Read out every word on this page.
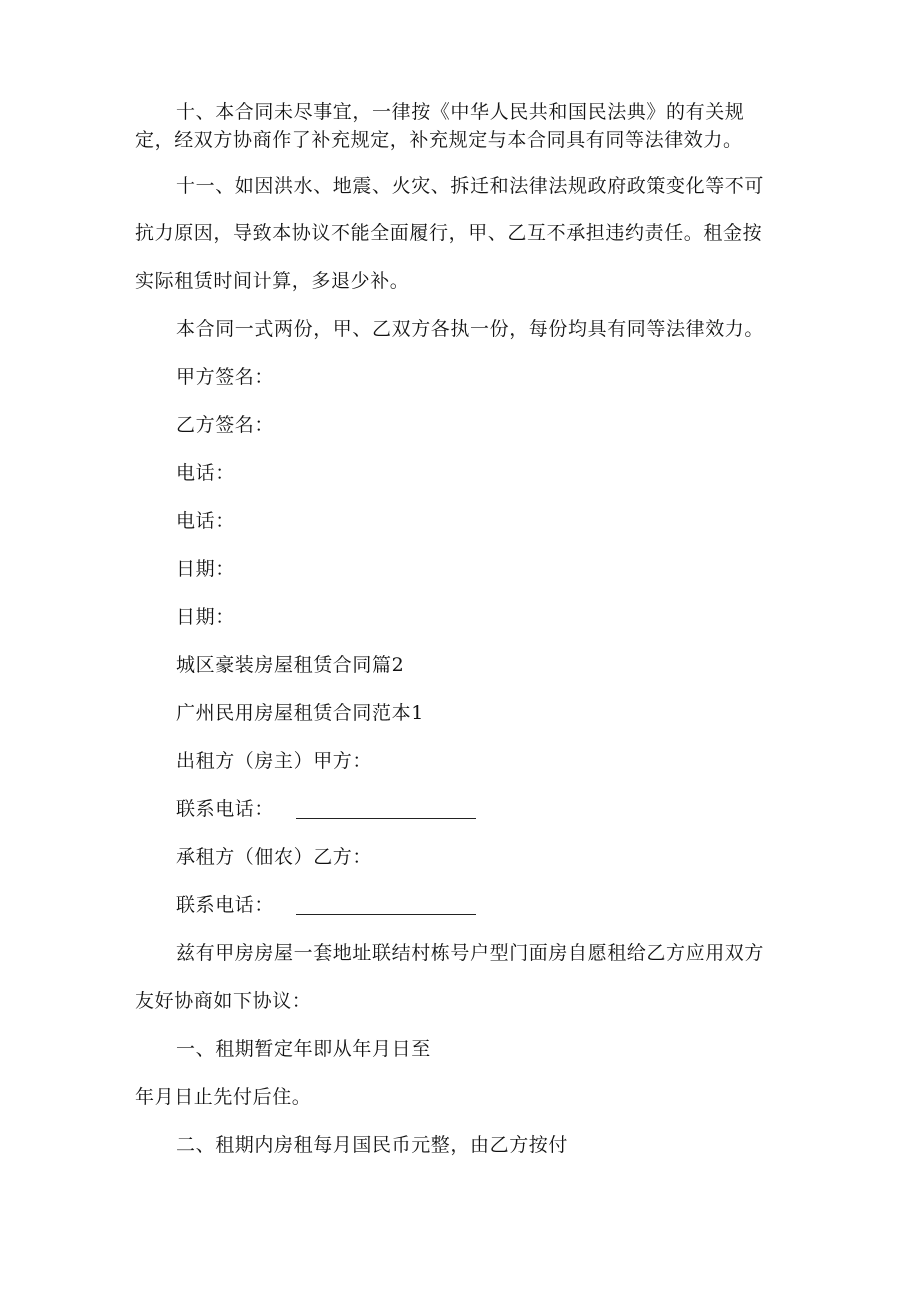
十、本合同未尽事宜，一律按《中华人民共和国民法典》的有关规
定，经双方协商作了补充规定，补充规定与本合同具有同等法律效力。
十一、如因洪水、地震、火灾、拆迁和法律法规政府政策变化等不可
抗力原因，导致本协议不能全面履行，甲、乙互不承担违约责任。租金按
实际租赁时间计算，多退少补。
本合同一式两份，甲、乙双方各执一份，每份均具有同等法律效力。
甲方签名：
乙方签名：
电话：
电话：
日期：
日期：
城区豪装房屋租赁合同篇2
广州民用房屋租赁合同范本1
出租方（房主）甲方：
联系电话：
承租方（佃农）乙方：
联系电话：
兹有甲房房屋一套地址联结村栋号户型门面房自愿租给乙方应用双方
友好协商如下协议：
一、租期暂定年即从年月日至
年月日止先付后住。
二、租期内房租每月国民币元整，由乙方按付
